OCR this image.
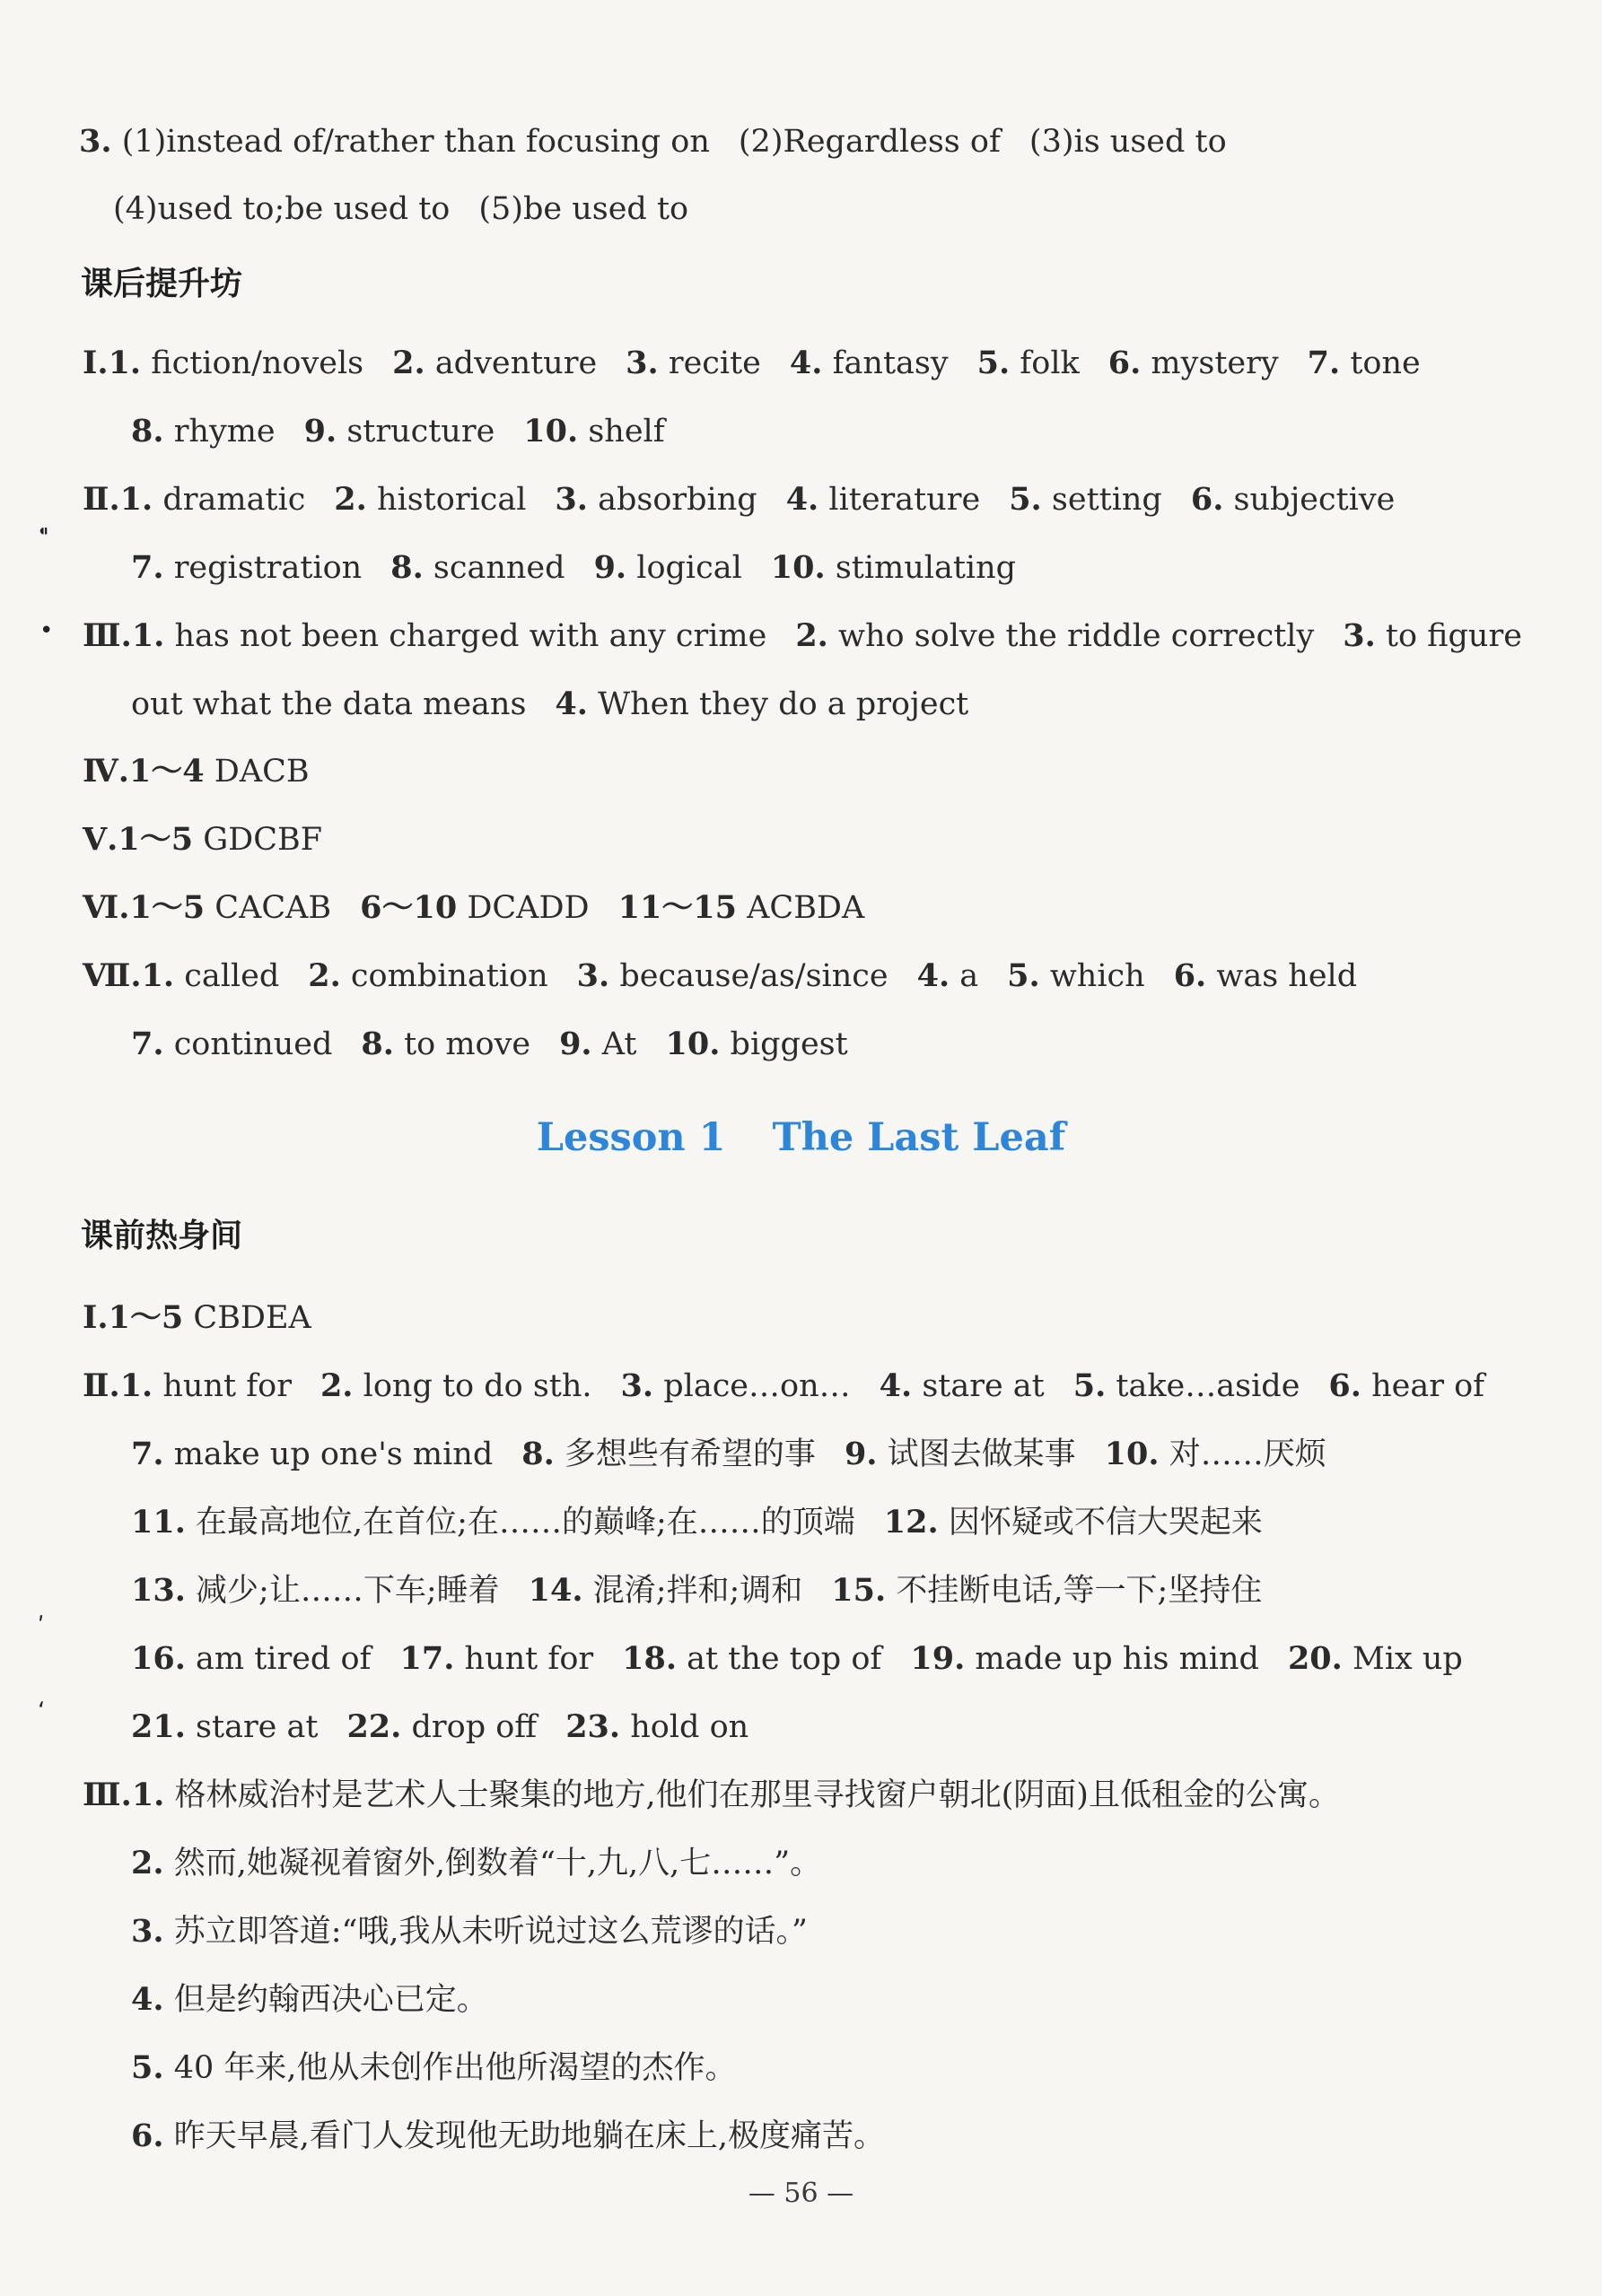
课后提升坊
Lesson 1 The Last Leaf
课前热身间
3. (1)instead of/rather than focusing on (2)Regardless of (3)is used to
(4)used to;be used to (5)be used to
Ⅰ.1. fiction/novels 2. adventure 3. recite 4. fantasy 5. folk 6. mystery 7. tone
8. rhyme 9. structure 10. shelf
Ⅱ.1. dramatic 2. historical 3. absorbing 4. literature 5. setting 6. subjective
7. registration 8. scanned 9. logical 10. stimulating
Ⅲ.1. has not been charged with any crime 2. who solve the riddle correctly 3. to figure
out what the data means 4. When they do a project
Ⅳ.1～4 DACB
Ⅴ.1～5 GDCBF
Ⅵ.1～5 CACAB 6～10 DCADD 11～15 ACBDA
Ⅶ.1. called 2. combination 3. because/as/since 4. a 5. which 6. was held
7. continued 8. to move 9. At 10. biggest
Ⅰ.1～5 CBDEA
Ⅱ.1. hunt for 2. long to do sth. 3. place…on… 4. stare at 5. take…aside 6. hear of
7. make up one's mind 8. 多想些有希望的事 9. 试图去做某事 10. 对……厌烦
11. 在最高地位,在首位;在……的巅峰;在……的顶端 12. 因怀疑或不信大哭起来
13. 减少;让……下车;睡着 14. 混淆;拌和;调和 15. 不挂断电话,等一下;坚持住
16. am tired of 17. hunt for 18. at the top of 19. made up his mind 20. Mix up
21. stare at 22. drop off 23. hold on
Ⅲ.1. 格林威治村是艺术人士聚集的地方,他们在那里寻找窗户朝北(阴面)且低租金的公寓。
2. 然而,她凝视着窗外,倒数着“十,九,八,七……”。
3. 苏立即答道:“哦,我从未听说过这么荒谬的话。”
4. 但是约翰西决心已定。
5. 40 年来,他从未创作出他所渴望的杰作。
6. 昨天早晨,看门人发现他无助地躺在床上,极度痛苦。
⁌
•
ʹ
ʻ
— 56 —
